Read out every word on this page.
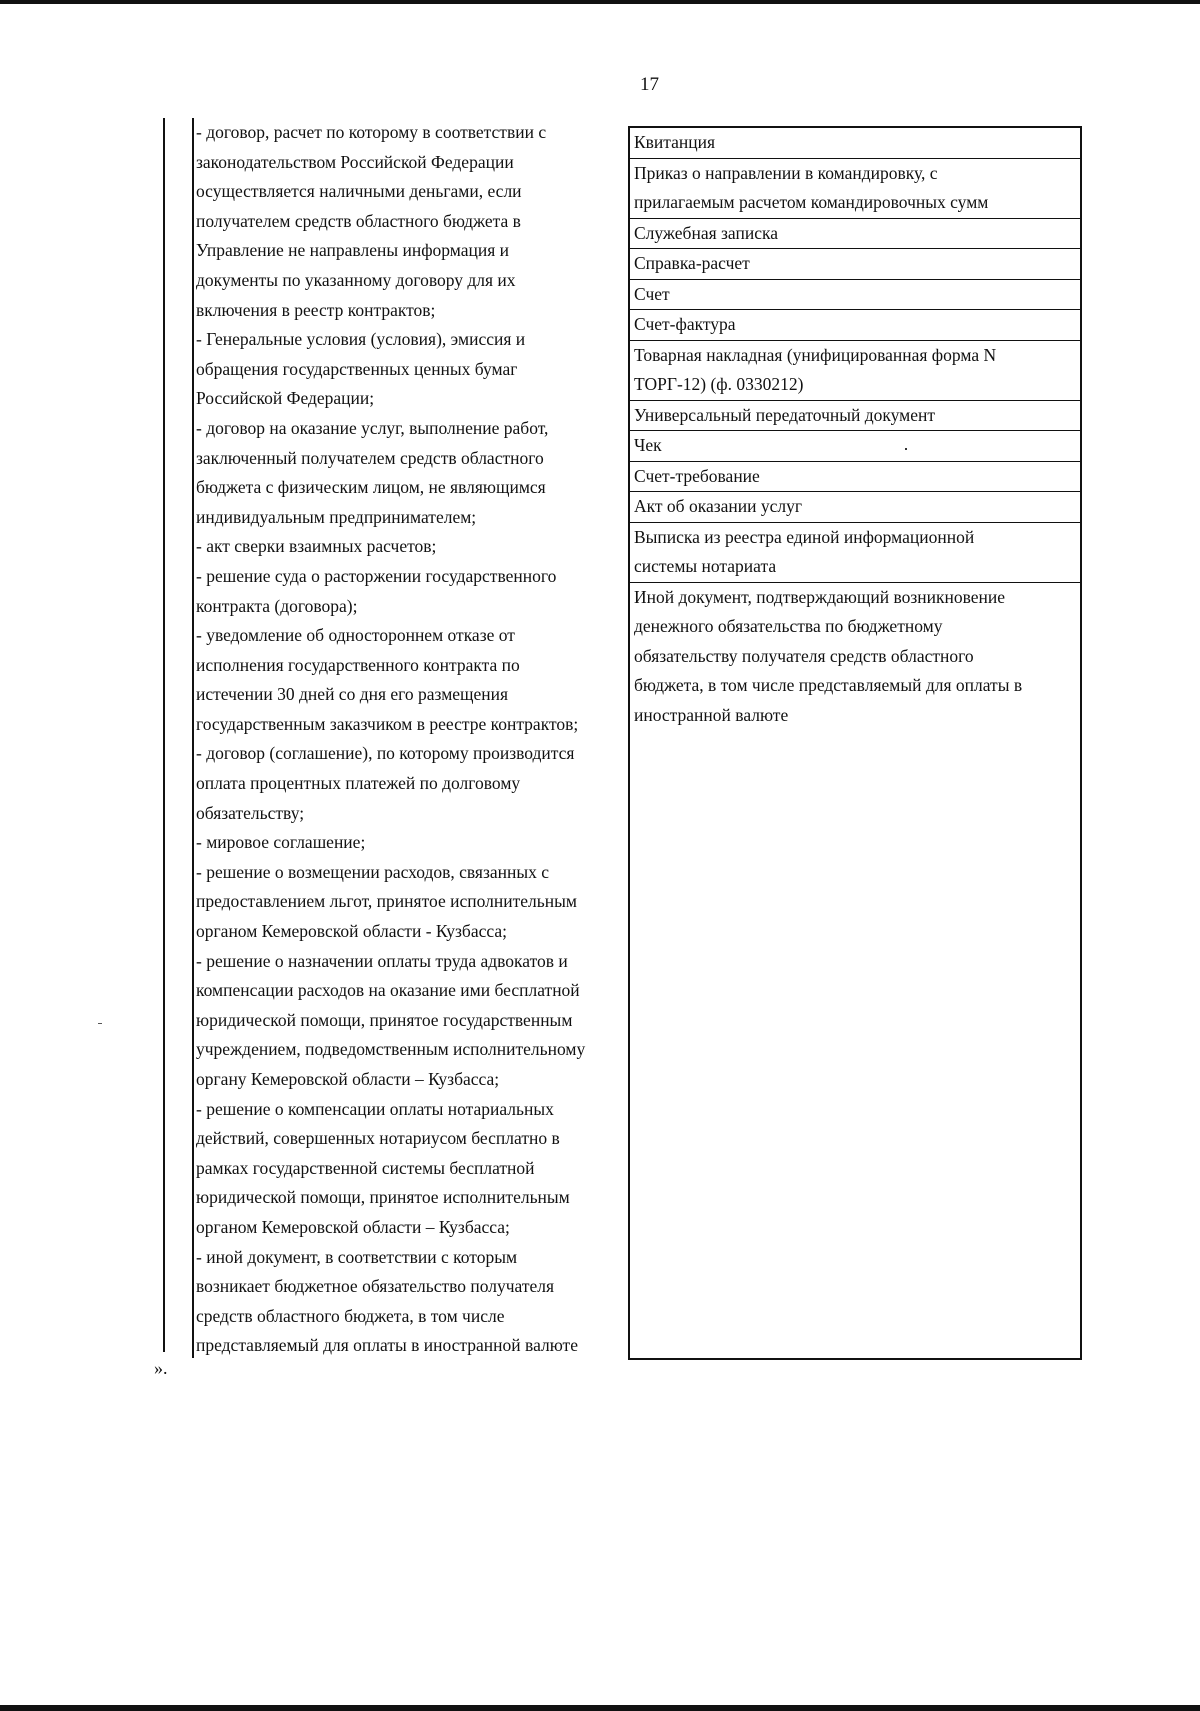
17
- договор, расчет по которому в соответствии с
законодательством Российской Федерации
осуществляется наличными деньгами, если
получателем средств областного бюджета в
Управление не направлены информация и
документы по указанному договору для их
включения в реестр контрактов;
- Генеральные условия (условия), эмиссия и
обращения государственных ценных бумаг
Российской Федерации;
- договор на оказание услуг, выполнение работ,
заключенный получателем средств областного
бюджета с физическим лицом, не являющимся
индивидуальным предпринимателем;
- акт сверки взаимных расчетов;
- решение суда о расторжении государственного
контракта (договора);
- уведомление об одностороннем отказе от
исполнения государственного контракта по
истечении 30 дней со дня его размещения
государственным заказчиком в реестре контрактов;
- договор (соглашение), по которому производится
оплата процентных платежей по долговому
обязательству;
- мировое соглашение;
- решение о возмещении расходов, связанных с
предоставлением льгот, принятое исполнительным
органом Кемеровской области - Кузбасса;
- решение о назначении оплаты труда адвокатов и
компенсации расходов на оказание ими бесплатной
юридической помощи, принятое государственным
учреждением, подведомственным исполнительному
органу Кемеровской области – Кузбасса;
- решение о компенсации оплаты нотариальных
действий, совершенных нотариусом бесплатно в
рамках государственной системы бесплатной
юридической помощи, принятое исполнительным
органом Кемеровской области – Кузбасса;
- иной документ, в соответствии с которым
возникает бюджетное обязательство получателя
средств областного бюджета, в том числе
представляемый для оплаты в иностранной валюте
Квитанция
Приказ о направлении в командировку, с
прилагаемым расчетом командировочных сумм
Служебная записка
Справка-расчет
Счет
Счет-фактура
Товарная накладная (унифицированная форма N
ТОРГ-12) (ф. 0330212)
Универсальный передаточный документ
Чек
Счет-требование
Акт об оказании услуг
Выписка из реестра единой информационной
системы нотариата
Иной документ, подтверждающий возникновение
денежного обязательства по бюджетному
обязательству получателя средств областного
бюджета, в том числе представляемый для оплаты в
иностранной валюте
».
